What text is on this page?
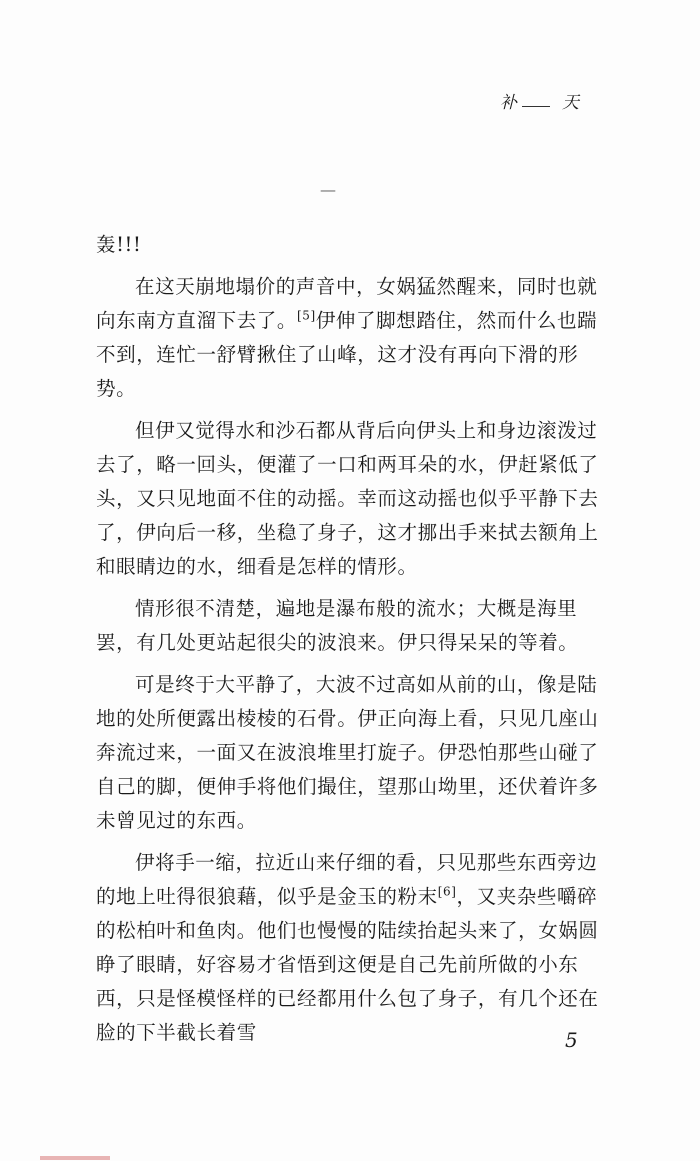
补	天
—

轰!!!

在这天崩地塌价的声音中，女娲猛然醒来，同时也就向东南方直溜下去了。[5]伊伸了脚想踏住，然而什么也踹不到，连忙一舒臂揪住了山峰，这才没有再向下滑的形势。

但伊又觉得水和沙石都从背后向伊头上和身边滚泼过去了，略一回头，便灌了一口和两耳朵的水，伊赶紧低了头，又只见地面不住的动摇。幸而这动摇也似乎平静下去了，伊向后一移，坐稳了身子，这才挪出手来拭去额角上和眼睛边的水，细看是怎样的情形。

情形很不清楚，遍地是瀑布般的流水；大概是海里罢，有几处更站起很尖的波浪来。伊只得呆呆的等着。

可是终于大平静了，大波不过高如从前的山，像是陆地的处所便露出棱棱的石骨。伊正向海上看，只见几座山奔流过来，一面又在波浪堆里打旋子。伊恐怕那些山碰了自己的脚，便伸手将他们撮住，望那山坳里，还伏着许多未曾见过的东西。

伊将手一缩，拉近山来仔细的看，只见那些东西旁边的地上吐得很狼藉，似乎是金玉的粉末[6]，又夹杂些嚼碎的松柏叶和鱼肉。他们也慢慢的陆续抬起头来了，女娲圆睁了眼睛，好容易才省悟到这便是自己先前所做的小东西，只是怪模怪样的已经都用什么包了身子，有几个还在脸的下半截长着雪	5
